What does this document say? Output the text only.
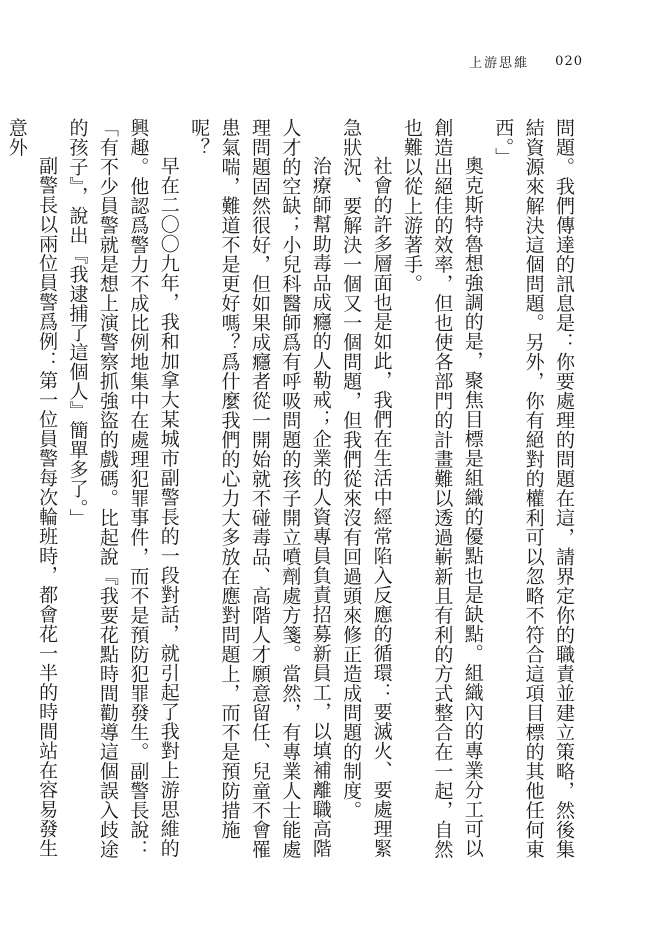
上游思維 020

問題。我們傳達的訊息是：你要處理的問題在這，請界定你的職責並建立策略，然後集結資源來解決這個問題。另外，你有絕對的權利可以忽略不符合這項目標的其他任何東西。」

奧克斯特魯想強調的是，聚焦目標是組織的優點也是缺點。組織內的專業分工可以創造出絕佳的效率，但也使各部門的計畫難以透過嶄新且有利的方式整合在一起，自然也難以從上游著手。

社會的許多層面也是如此，我們在生活中經常陷入反應的循環：要滅火、要處理緊急狀況、要解決一個又一個問題，但我們從來沒有回過頭來修正造成問題的制度。

治療師幫助毒品成癮的人勒戒；企業的人資專員負責招募新員工，以填補離職高階人才的空缺；小兒科醫師爲有呼吸問題的孩子開立噴劑處方箋。當然，有專業人士能處理問題固然很好，但如果成癮者從一開始就不碰毒品、高階人才願意留任、兒童不會罹患氣喘，難道不是更好嗎？爲什麼我們的心力大多放在應對問題上，而不是預防措施呢？

早在二〇〇九年，我和加拿大某城市副警長的一段對話，就引起了我對上游思維的興趣。他認爲警力不成比例地集中在處理犯罪事件，而不是預防犯罪發生。副警長說：「有不少員警就是想上演警察抓強盜的戲碼。比起說『我要花點時間勸導這個誤入歧途的孩子』，說出『我逮捕了這個人』簡單多了。」

副警長以兩位員警爲例：第一位員警每次輪班時，都會花一半的時間站在容易發生意外
